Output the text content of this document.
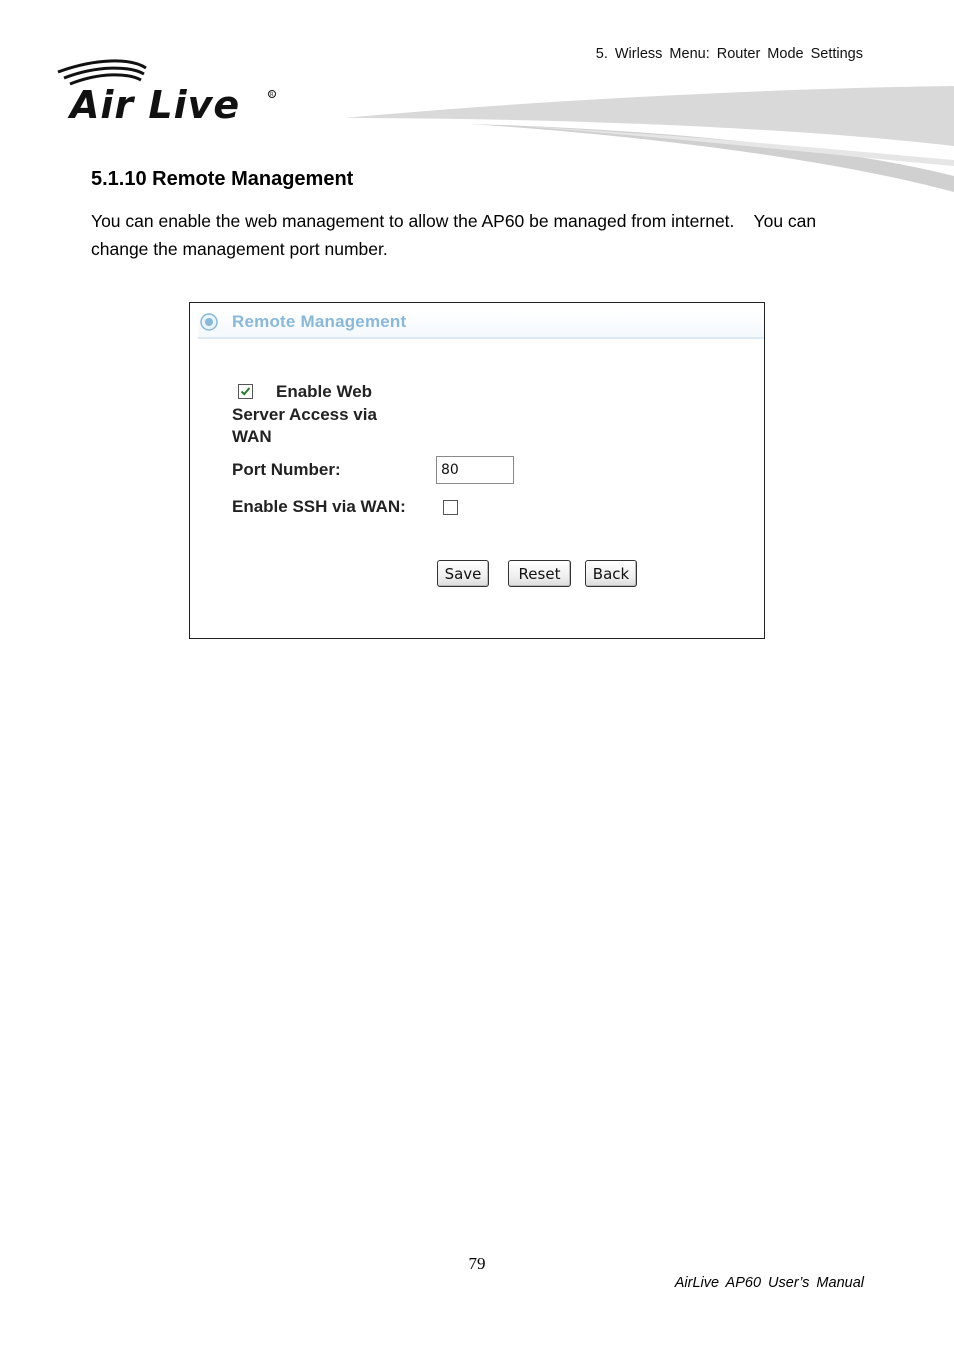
5. Wirless Menu: Router Mode Settings
Air Live	R
5.1.10 Remote Management
You can enable the web management to allow the AP60 be managed from internet.    You can change the management port number.
Remote Management
Enable Web Server Access via WAN
Port Number:
80
Enable SSH via WAN:
Save	Reset	Back
79
AirLive AP60 User’s Manual
